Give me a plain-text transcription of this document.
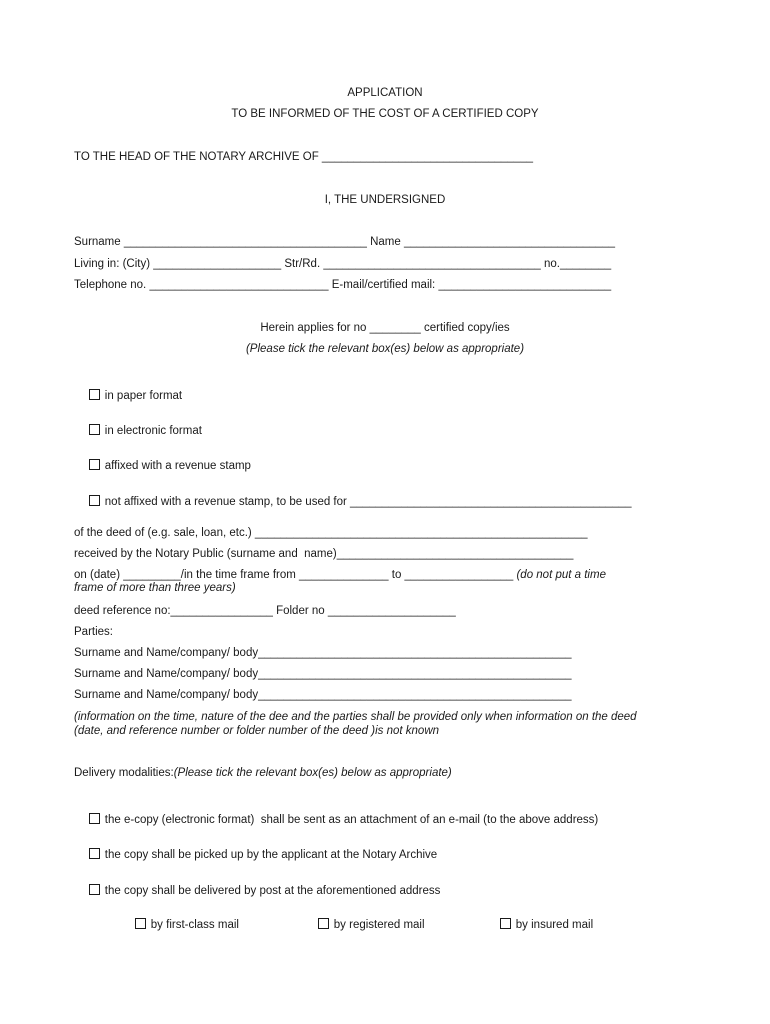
APPLICATION
TO BE INFORMED OF THE COST OF A CERTIFIED COPY
TO THE HEAD OF THE NOTARY ARCHIVE OF _________________________________
I, THE UNDERSIGNED
Surname ______________________________________ Name _________________________________
Living in: (City) ____________________ Str/Rd. __________________________________ no.________
Telephone no. ____________________________ E-mail/certified mail: ___________________________
Herein applies for no ________ certified copy/ies
(Please tick the relevant box(es) below as appropriate)

in paper format

in electronic format

affixed with a revenue stamp

not affixed with a revenue stamp, to be used for ____________________________________________

of the deed of (e.g. sale, loan, etc.) ____________________________________________________
received by the Notary Public (surname and  name)_____________________________________
on (date) _________/in the time frame from ______________ to _________________ (do not put a time
frame of more than three years)
deed reference no:________________ Folder no ____________________
Parties:
Surname and Name/company/ body_________________________________________________
Surname and Name/company/ body_________________________________________________
Surname and Name/company/ body_________________________________________________
(information on the time, nature of the dee and the parties shall be provided only when information on the deed
(date, and reference number or folder number of the deed )is not known
Delivery modalities:(Please tick the relevant box(es) below as appropriate)

the e-copy (electronic format)  shall be sent as an attachment of an e-mail (to the above address)

the copy shall be picked up by the applicant at the Notary Archive

the copy shall be delivered by post at the aforementioned address

by first-class mail
	by registered mail
	by insured mail
